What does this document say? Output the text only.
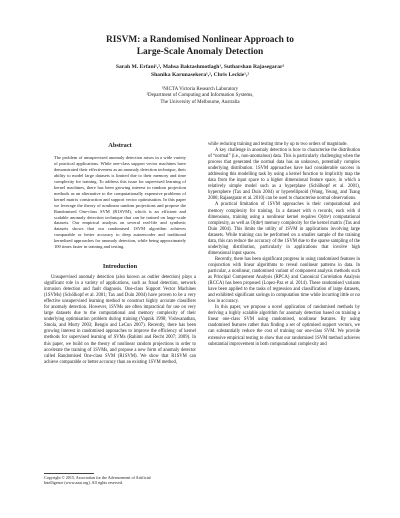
RISVM: a Randomised Nonlinear Approach to
Large-Scale Anomaly Detection
Sarah M. Erfani¹,², Mahsa Baktashmotlagh¹, Sutharshan Rajasegarar²
Shanika Karunasekera¹,², Chris Leckie¹,²
¹NICTA Victoria Research Laboratory
²Department of Computing and Information Systems,
The University of Melbourne, Australia

Abstract

The problem of unsupervised anomaly detection arises in a wide variety of practical applications. While one-class support vector machines have demonstrated their effectiveness as an anomaly detection technique, their ability to model large datasets is limited due to their memory and time complexity for training. To address this issue for supervised learning of kernel machines, there has been growing interest in random projection methods as an alternative to the computationally expensive problems of kernel matrix construction and support vector optimisation. In this paper we leverage the theory of nonlinear random projections and propose the Randomised One-class SVM (R1SVM), which is an efficient and scalable anomaly detection technique that can be trained on large-scale datasets. Our empirical analysis on several real-life and synthetic datasets shows that our randomised 1SVM algorithm achieves comparable or better accuracy to deep autoencoder and traditional kernelised approaches for anomaly detection, while being approximately 100 times faster in training and testing.

Introduction

Unsupervised anomaly detection (also known as outlier detection) plays a significant role in a variety of applications, such as fraud detection, network intrusion detection and fault diagnosis. One-class Support Vector Machines (1SVMs) (Schölkopf et al. 2001; Tax and Duin 2004) have proven to be a very effective unsupervised learning method to construct highly accurate classifiers for anomaly detection. However, 1SVMs are often impractical for use on very large datasets due to the computational and memory complexity of their underlying optimisation problem during training (Vapnik 1998; Vishwanathan, Smola, and Murty 2003; Bengio and LeCun 2007). Recently, there has been growing interest in randomised approaches to improve the efficiency of kernel methods for supervised learning of SVMs (Rahimi and Recht 2007; 2009). In this paper, we build on the theory of nonlinear random projections in order to accelerate the training of 1SVMs, and propose a new form of anomaly detector called Randomised One-class SVM (R1SVM). We show that R1SVM can achieve comparable or better accuracy than an existing 1SVM method,

while reducing training and testing time by up to two orders of magnitude.

A key challenge in anomaly detection is how to characterise the distribution of “normal” (i.e., non-anomalous) data. This is particularly challenging when the process that generated the normal data has an unknown, potentially complex underlying distribution. 1SVM approaches have had considerable success in addressing this modelling task by using a kernel function to implicitly map the data from the input space to a higher dimensional feature space, in which a relatively simple model such as a hyperplane (Schölkopf et al. 2001), hypersphere (Tax and Duin 2004) or hyperellipsoid (Wang, Yeung, and Tsang 2006; Rajasegarar et al. 2010) can be used to characterise normal observations.

A practical limitation of 1SVM approaches is their computational and memory complexity for training. In a dataset with n records, each with d dimensions, training using a nonlinear kernel requires O(dn³) computational complexity, as well as O(dn²) memory complexity for the kernel matrix (Tax and Duin 2004). This limits the utility of 1SVM in applications involving large datasets. While training can be performed on a smaller sample of the training data, this can reduce the accuracy of the 1SVM due to the sparse sampling of the underlying distribution, particularly in applications that involve high dimensional input spaces.

Recently, there has been significant progress in using randomised features in conjunction with linear algorithms to reveal nonlinear patterns in data. In particular, a nonlinear, randomised variant of component analysis methods such as Principal Component Analysis (RPCA) and Canonical Correlation Analysis (RCCA) has been proposed (Lopez-Paz et al. 2014). These randomised variants have been applied to the tasks of regression and classification of large datasets, and exhibited significant savings in computation time while incurring little or no loss in accuracy.

In this paper, we propose a novel application of randomised methods by deriving a highly scalable algorithm for anomaly detection based on training a linear one-class SVM using randomised, nonlinear features. By using randomised features rather than finding a set of optimised support vectors, we can substantially reduce the cost of training our one-class SVM. We provide extensive empirical testing to show that our randomised 1SVM method achieves substantial improvement in both computational complexity and

Copyright © 2015, Association for the Advancement of Artificial
Intelligence (www.aaai.org). All rights reserved.
